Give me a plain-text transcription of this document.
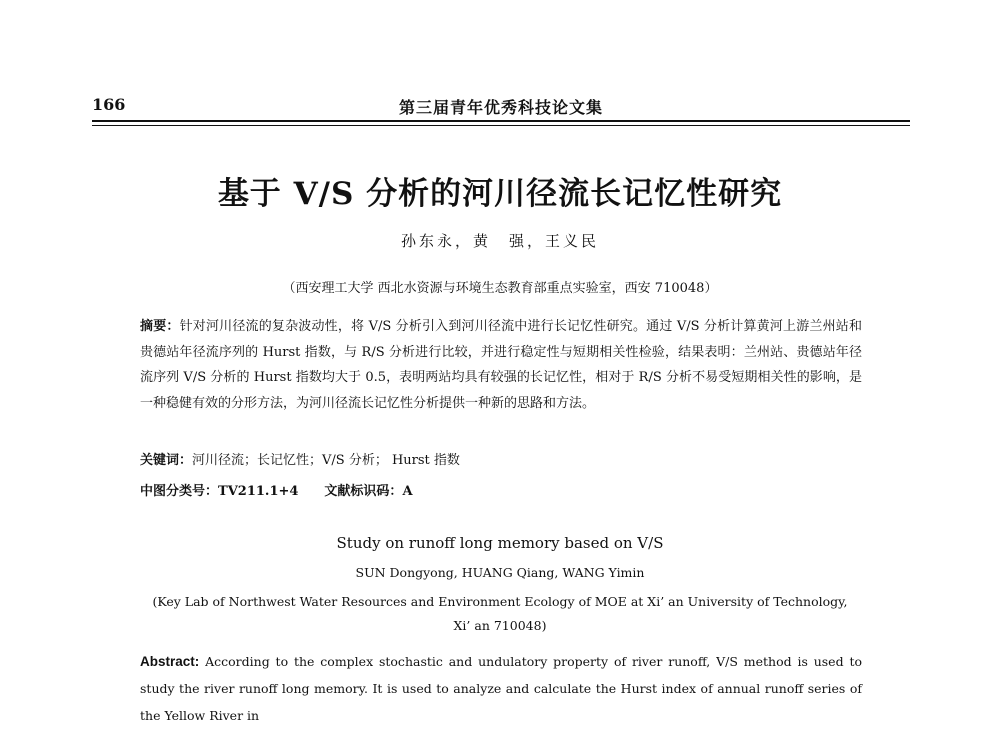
166	第三届青年优秀科技论文集
基于 V/S 分析的河川径流长记忆性研究
孙东永，黄　强，王义民
（西安理工大学 西北水资源与环境生态教育部重点实验室，西安 710048）
摘要：针对河川径流的复杂波动性，将 V/S 分析引入到河川径流中进行长记忆性研究。通过 V/S 分析计算黄河上游兰州站和贵德站年径流序列的 Hurst 指数，与 R/S 分析进行比较，并进行稳定性与短期相关性检验，结果表明：兰州站、贵德站年径流序列 V/S 分析的 Hurst 指数均大于 0.5，表明两站均具有较强的长记忆性，相对于 R/S 分析不易受短期相关性的影响，是一种稳健有效的分形方法，为河川径流长记忆性分析提供一种新的思路和方法。
关键词：河川径流；长记忆性；V/S 分析； Hurst 指数
中图分类号：TV211.1+4 文献标识码：A
Study on runoff long memory based on V/S
SUN Dongyong, HUANG Qiang, WANG Yimin
(Key Lab of Northwest Water Resources and Environment Ecology of MOE at Xi’ an University of Technology,
Xi’ an 710048)
Abstract: According to the complex stochastic and undulatory property of river runoff, V/S method is used to study the river runoff long memory. It is used to analyze and calculate the Hurst index of annual runoff series of the Yellow River in
